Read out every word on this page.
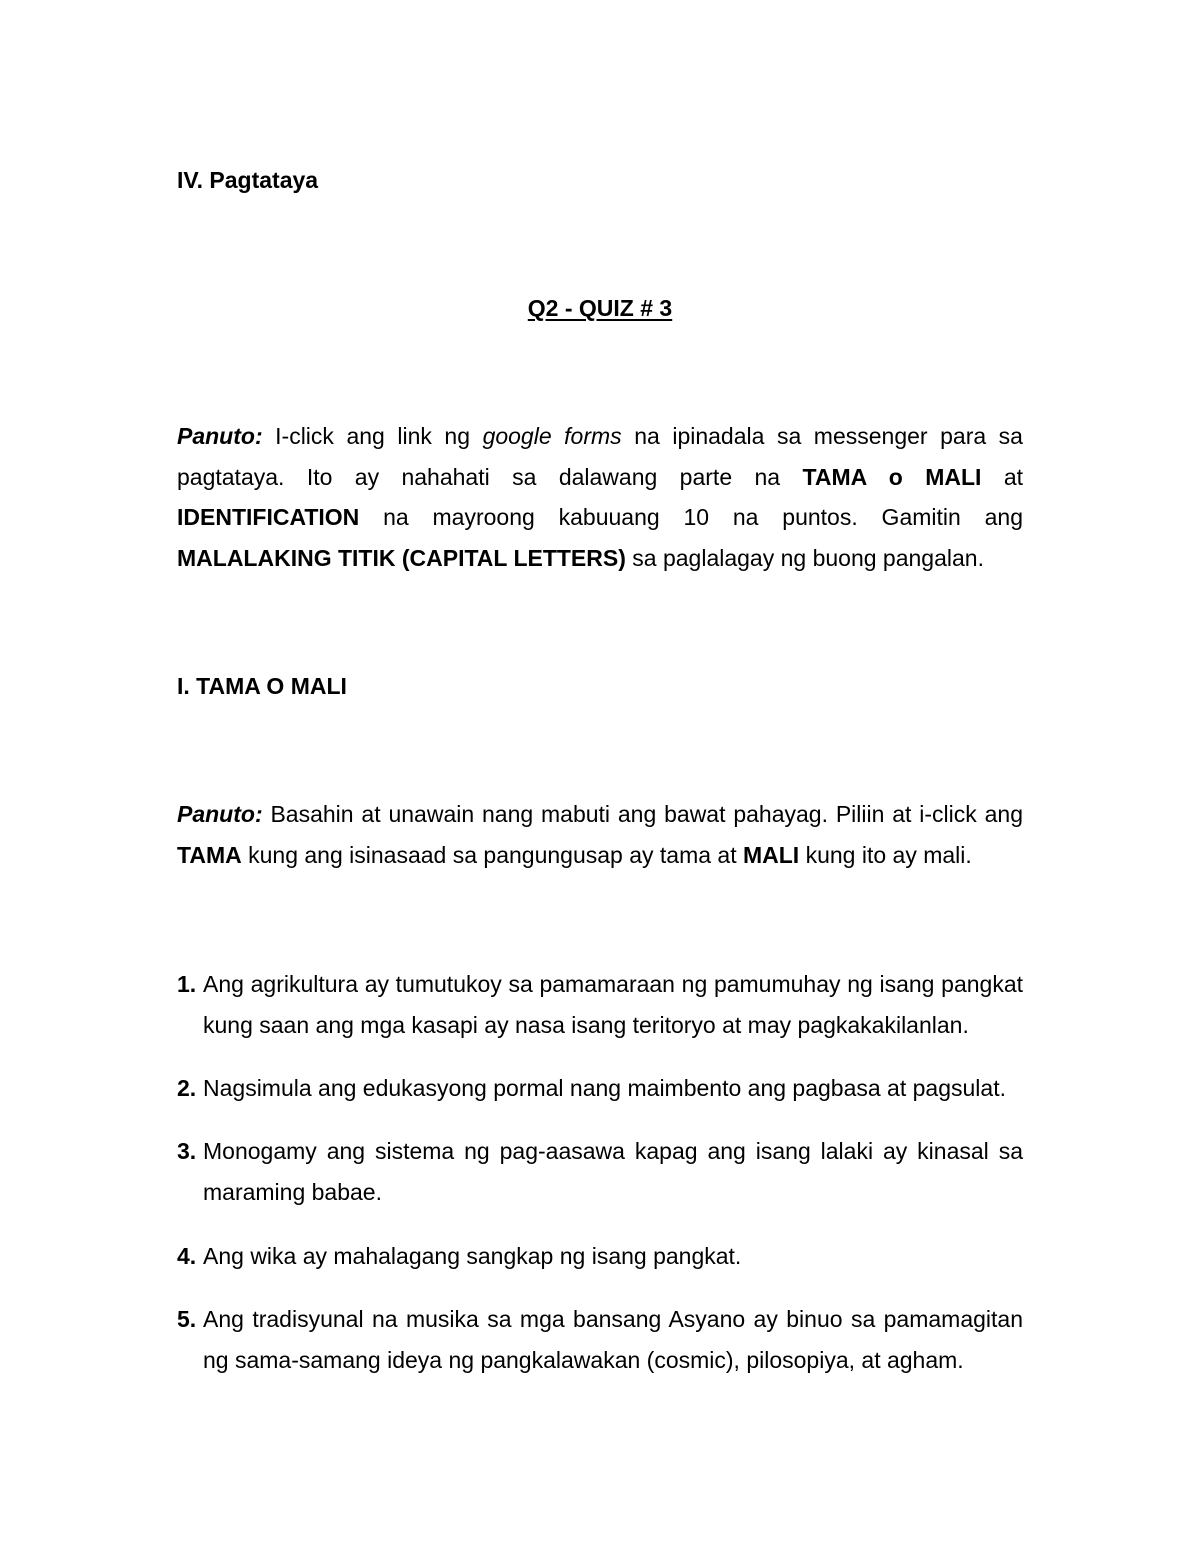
IV. Pagtataya
Q2 - QUIZ # 3
Panuto: I-click ang link ng google forms na ipinadala sa messenger para sa pagtataya. Ito ay nahahati sa dalawang parte na TAMA o MALI at IDENTIFICATION na mayroong kabuuang 10 na puntos. Gamitin ang MALALAKING TITIK (CAPITAL LETTERS) sa paglalagay ng buong pangalan.
I. TAMA O MALI
Panuto: Basahin at unawain nang mabuti ang bawat pahayag. Piliin at i-click ang TAMA kung ang isinasaad sa pangungusap ay tama at MALI kung ito ay mali.
1. Ang agrikultura ay tumutukoy sa pamamaraan ng pamumuhay ng isang pangkat kung saan ang mga kasapi ay nasa isang teritoryo at may pagkakakilanlan.
2. Nagsimula ang edukasyong pormal nang maimbento ang pagbasa at pagsulat.
3. Monogamy ang sistema ng pag-aasawa kapag ang isang lalaki ay kinasal sa maraming babae.
4. Ang wika ay mahalagang sangkap ng isang pangkat.
5. Ang tradisyunal na musika sa mga bansang Asyano ay binuo sa pamamagitan ng sama-samang ideya ng pangkalawakan (cosmic), pilosopiya, at agham.
